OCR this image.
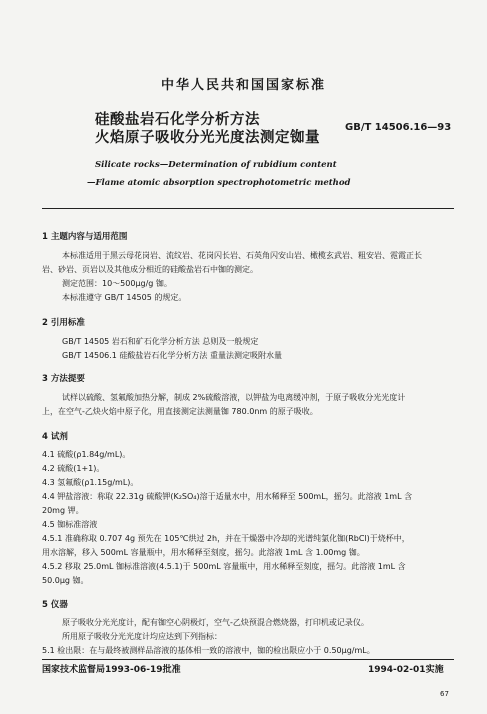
中华人民共和国国家标准
硅酸盐岩石化学分析方法
火焰原子吸收分光光度法测定铷量
GB/T 14506.16—93
Silicate rocks—Determination of rubidium content
—Flame atomic absorption spectrophotometric method
1 主题内容与适用范围
本标准适用于黑云母花岗岩、流纹岩、花岗闪长岩、石英角闪安山岩、橄榄玄武岩、粗安岩、霓霞正长
岩、砂岩、页岩以及其他成分相近的硅酸盐岩石中铷的测定。
测定范围：10～500μg/g 铷。
本标准遵守 GB/T 14505 的规定。
2 引用标准
GB/T 14505 岩石和矿石化学分析方法 总则及一般规定
GB/T 14506.1 硅酸盐岩石化学分析方法 重量法测定吸附水量
3 方法提要
试样以硫酸、氢氟酸加热分解，制成 2%硫酸溶液，以钾盐为电离缓冲剂，于原子吸收分光光度计
上，在空气-乙炔火焰中原子化，用直接测定法测量铷 780.0nm 的原子吸收。
4 试剂
4.1 硫酸(ρ1.84g/mL)。
4.2 硫酸(1+1)。
4.3 氢氟酸(ρ1.15g/mL)。
4.4 钾盐溶液：称取 22.31g 硫酸钾(K₂SO₄)溶于适量水中，用水稀释至 500mL，摇匀。此溶液 1mL 含
20mg 钾。
4.5 铷标准溶液
4.5.1 准确称取 0.707 4g 预先在 105℃烘过 2h，并在干燥器中冷却的光谱纯氯化铷(RbCl)于烧杯中，
用水溶解，移入 500mL 容量瓶中，用水稀释至刻度，摇匀。此溶液 1mL 含 1.00mg 铷。
4.5.2 移取 25.0mL 铷标准溶液(4.5.1)于 500mL 容量瓶中，用水稀释至刻度，摇匀。此溶液 1mL 含
50.0μg 铷。
5 仪器
原子吸收分光光度计，配有铷空心阴极灯，空气-乙炔预混合燃烧器，打印机或记录仪。
所用原子吸收分光光度计均应达到下列指标：
5.1 检出限：在与最终被测样品溶液的基体相一致的溶液中，铷的检出限应小于 0.50μg/mL。
国家技术监督局1993-06-19批准	1994-02-01实施
67
